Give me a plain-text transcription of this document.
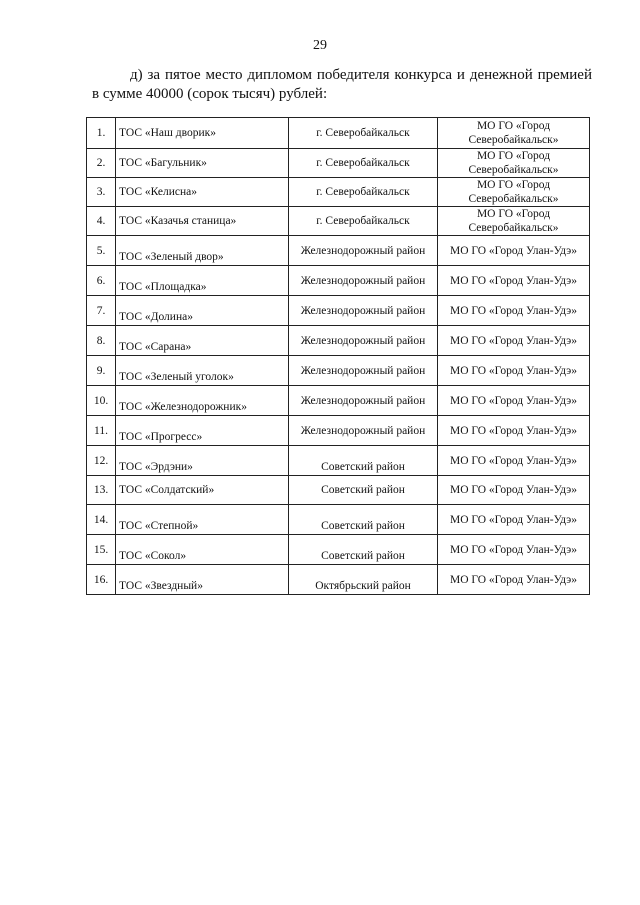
29
д) за пятое место дипломом победителя конкурса и денежной премией в сумме 40000 (сорок тысяч) рублей:
1.	ТОС «Наш дворик»	г. Северобайкальск	МО ГО «Город Северобайкальск»
2.	ТОС «Багульник»	г. Северобайкальск	МО ГО «Город Северобайкальск»
3.	ТОС «Келисна»	г. Северобайкальск	МО ГО «Город Северобайкальск»
4.	ТОС «Казачья станица»	г. Северобайкальск	МО ГО «Город Северобайкальск»
5.	ТОС «Зеленый двор»	Железнодорожный район	МО ГО «Город Улан-Удэ»
6.	ТОС «Площадка»	Железнодорожный район	МО ГО «Город Улан-Удэ»
7.	ТОС «Долина»	Железнодорожный район	МО ГО «Город Улан-Удэ»
8.	ТОС «Сарана»	Железнодорожный район	МО ГО «Город Улан-Удэ»
9.	ТОС «Зеленый уголок»	Железнодорожный район	МО ГО «Город Улан-Удэ»
10.	ТОС «Железнодорожник»	Железнодорожный район	МО ГО «Город Улан-Удэ»
11.	ТОС «Прогресс»	Железнодорожный район	МО ГО «Город Улан-Удэ»
12.	ТОС «Эрдэни»	Советский район	МО ГО «Город Улан-Удэ»
13.	ТОС «Солдатский»	Советский район	МО ГО «Город Улан-Удэ»
14.	ТОС «Степной»	Советский район	МО ГО «Город Улан-Удэ»
15.	ТОС «Сокол»	Советский район	МО ГО «Город Улан-Удэ»
16.	ТОС «Звездный»	Октябрьский район	МО ГО «Город Улан-Удэ»
